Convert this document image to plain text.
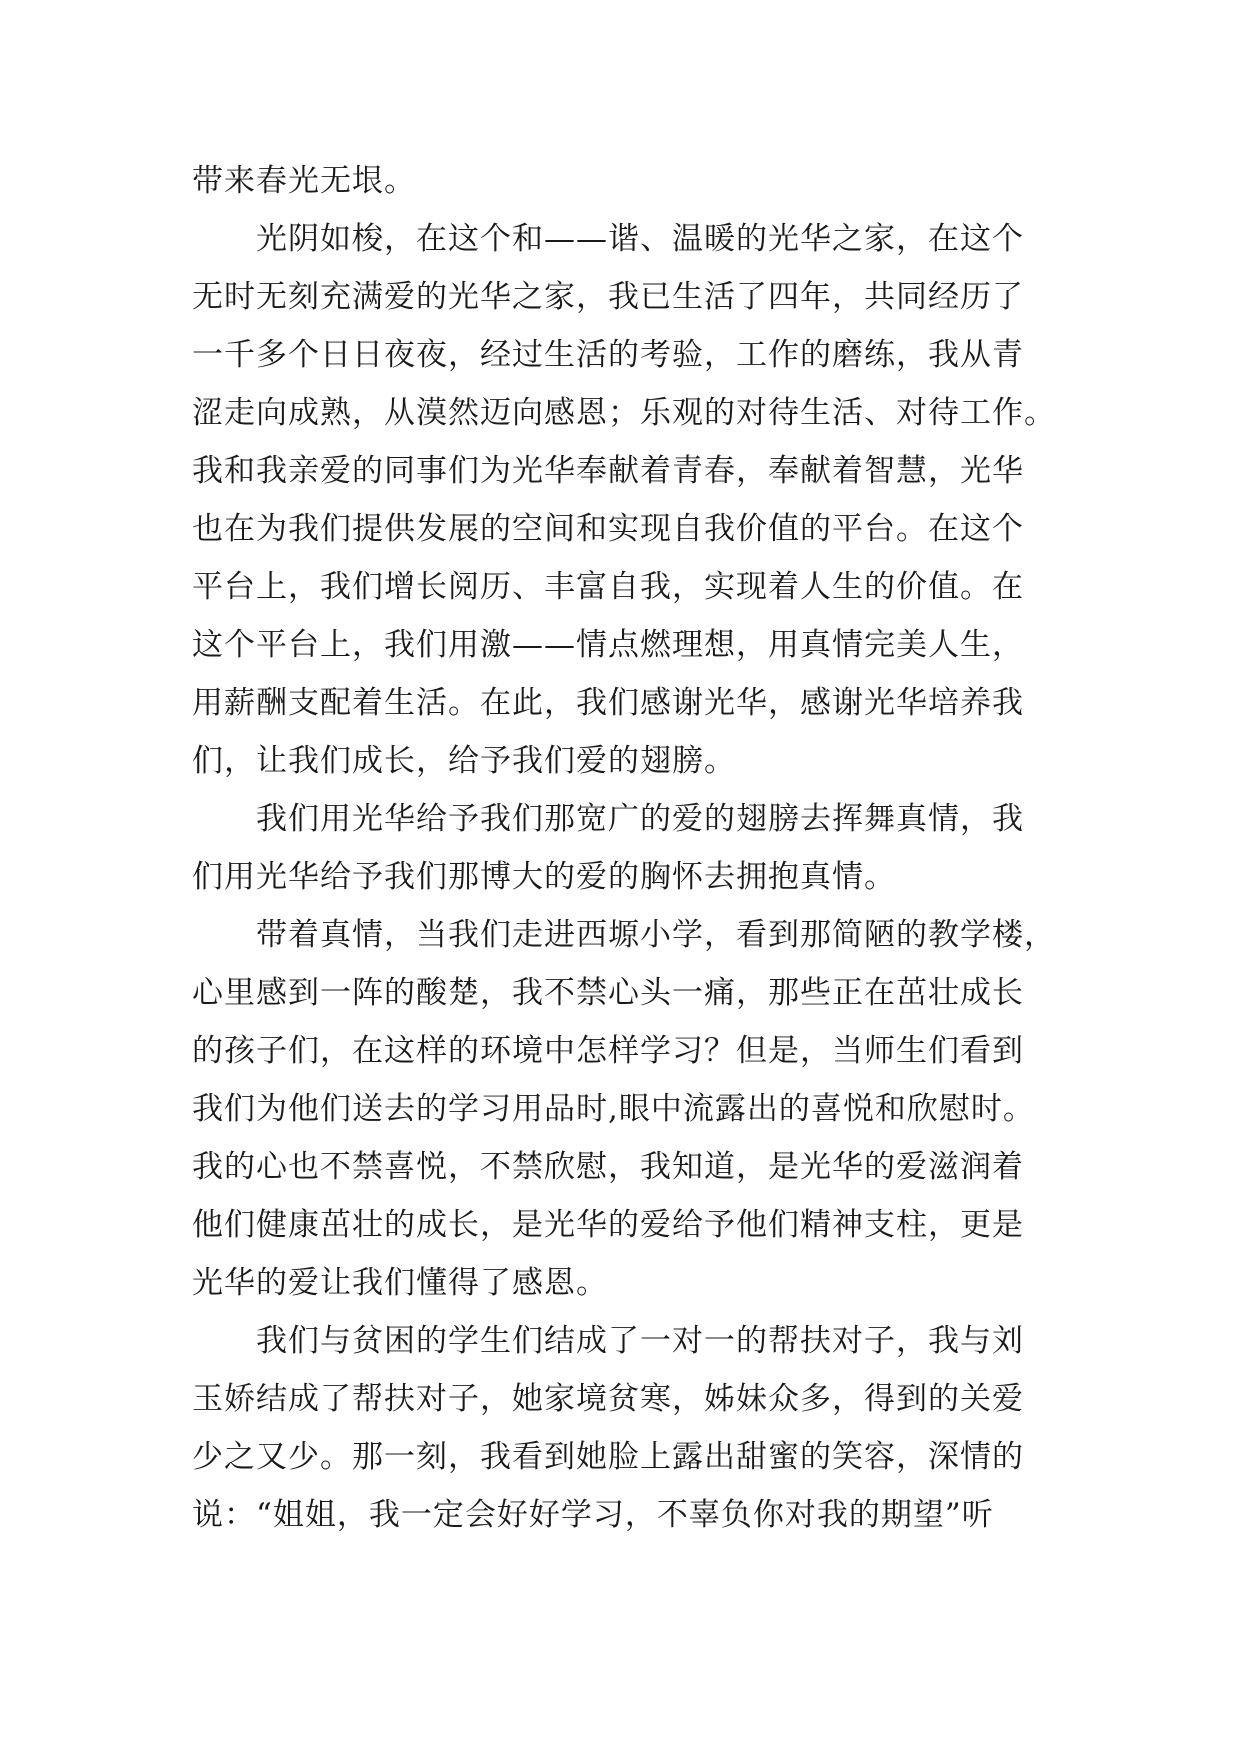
带来春光无垠。
光阴如梭，在这个和——谐、温暖的光华之家，在这个
无时无刻充满爱的光华之家，我已生活了四年，共同经历了
一千多个日日夜夜，经过生活的考验，工作的磨练，我从青
涩走向成熟，从漠然迈向感恩；乐观的对待生活、对待工作。
我和我亲爱的同事们为光华奉献着青春，奉献着智慧，光华
也在为我们提供发展的空间和实现自我价值的平台。在这个
平台上，我们增长阅历、丰富自我，实现着人生的价值。在
这个平台上，我们用激——情点燃理想，用真情完美人生，
用薪酬支配着生活。在此，我们感谢光华，感谢光华培养我
们，让我们成长，给予我们爱的翅膀。
我们用光华给予我们那宽广的爱的翅膀去挥舞真情，我
们用光华给予我们那博大的爱的胸怀去拥抱真情。
带着真情，当我们走进西塬小学，看到那简陋的教学楼，
心里感到一阵的酸楚，我不禁心头一痛，那些正在茁壮成长
的孩子们，在这样的环境中怎样学习？但是，当师生们看到
我们为他们送去的学习用品时,眼中流露出的喜悦和欣慰时。
我的心也不禁喜悦，不禁欣慰，我知道，是光华的爱滋润着
他们健康茁壮的成长，是光华的爱给予他们精神支柱，更是
光华的爱让我们懂得了感恩。
我们与贫困的学生们结成了一对一的帮扶对子，我与刘
玉娇结成了帮扶对子，她家境贫寒，姊妹众多，得到的关爱
少之又少。那一刻，我看到她脸上露出甜蜜的笑容，深情的
说：“姐姐，我一定会好好学习，不辜负你对我的期望”听
